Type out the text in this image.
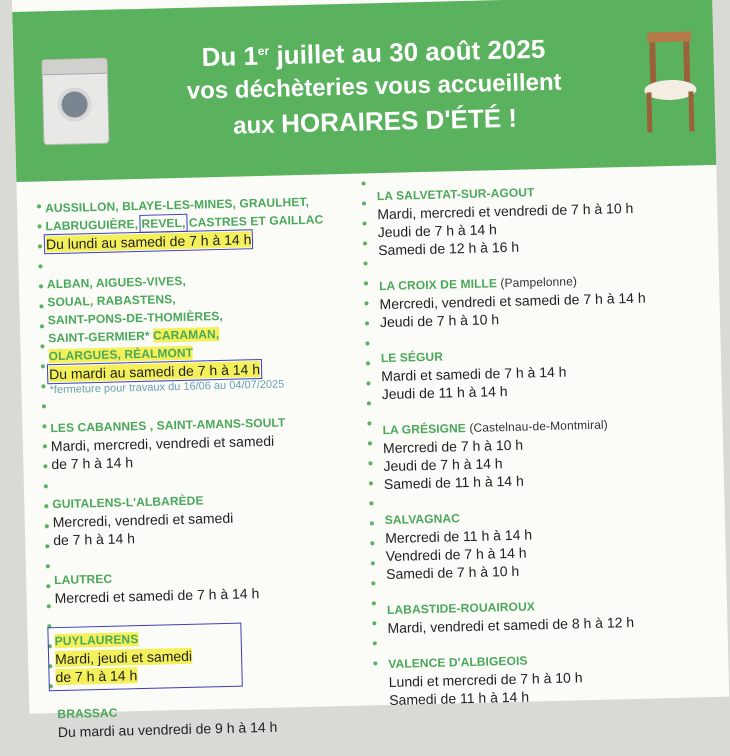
Du 1er juillet au 30 août 2025
vos déchèteries vous accueillent
aux HORAIRES D'ÉTÉ !
AUSSILLON, BLAYE-LES-MINES, GRAULHET,
LABRUGUIÈRE, REVEL, CASTRES ET GAILLAC
Du lundi au samedi de 7 h à 14 h
ALBAN, AIGUES-VIVES,
SOUAL, RABASTENS,
SAINT-PONS-DE-THOMIÈRES,
SAINT-GERMIER* CARAMAN,
OLARGUES, RÉALMONT
Du mardi au samedi de 7 h à 14 h
*fermeture pour travaux du 16/06 au 04/07/2025
LES CABANNES , SAINT-AMANS-SOULT
Mardi, mercredi, vendredi et samedi
de 7 h à 14 h
GUITALENS-L'ALBARÈDE
Mercredi, vendredi et samedi
de 7 h à 14 h
LAUTREC
Mercredi et samedi de 7 h à 14 h
PUYLAURENS
Mardi, jeudi et samedi
de 7 h à 14 h
BRASSAC
Du mardi au vendredi de 9 h à 14 h
LA SALVETAT-SUR-AGOUT
Mardi, mercredi et vendredi de 7 h à 10 h
Jeudi de 7 h à 14 h
Samedi de 12 h à 16 h
LA CROIX DE MILLE (Pampelonne)
Mercredi, vendredi et samedi de 7 h à 14 h
Jeudi de 7 h à 10 h
LE SÉGUR
Mardi et samedi de 7 h à 14 h
Jeudi de 11 h à 14 h
LA GRÉSIGNE (Castelnau-de-Montmiral)
Mercredi de 7 h à 10 h
Jeudi de 7 h à 14 h
Samedi de 11 h à 14 h
SALVAGNAC
Mercredi de 11 h à 14 h
Vendredi de 7 h à 14 h
Samedi de 7 h à 10 h
LABASTIDE-ROUAIROUX
Mardi, vendredi et samedi de 8 h à 12 h
VALENCE D'ALBIGEOIS
Lundi et mercredi de 7 h à 10 h
Samedi de 11 h à 14 h
